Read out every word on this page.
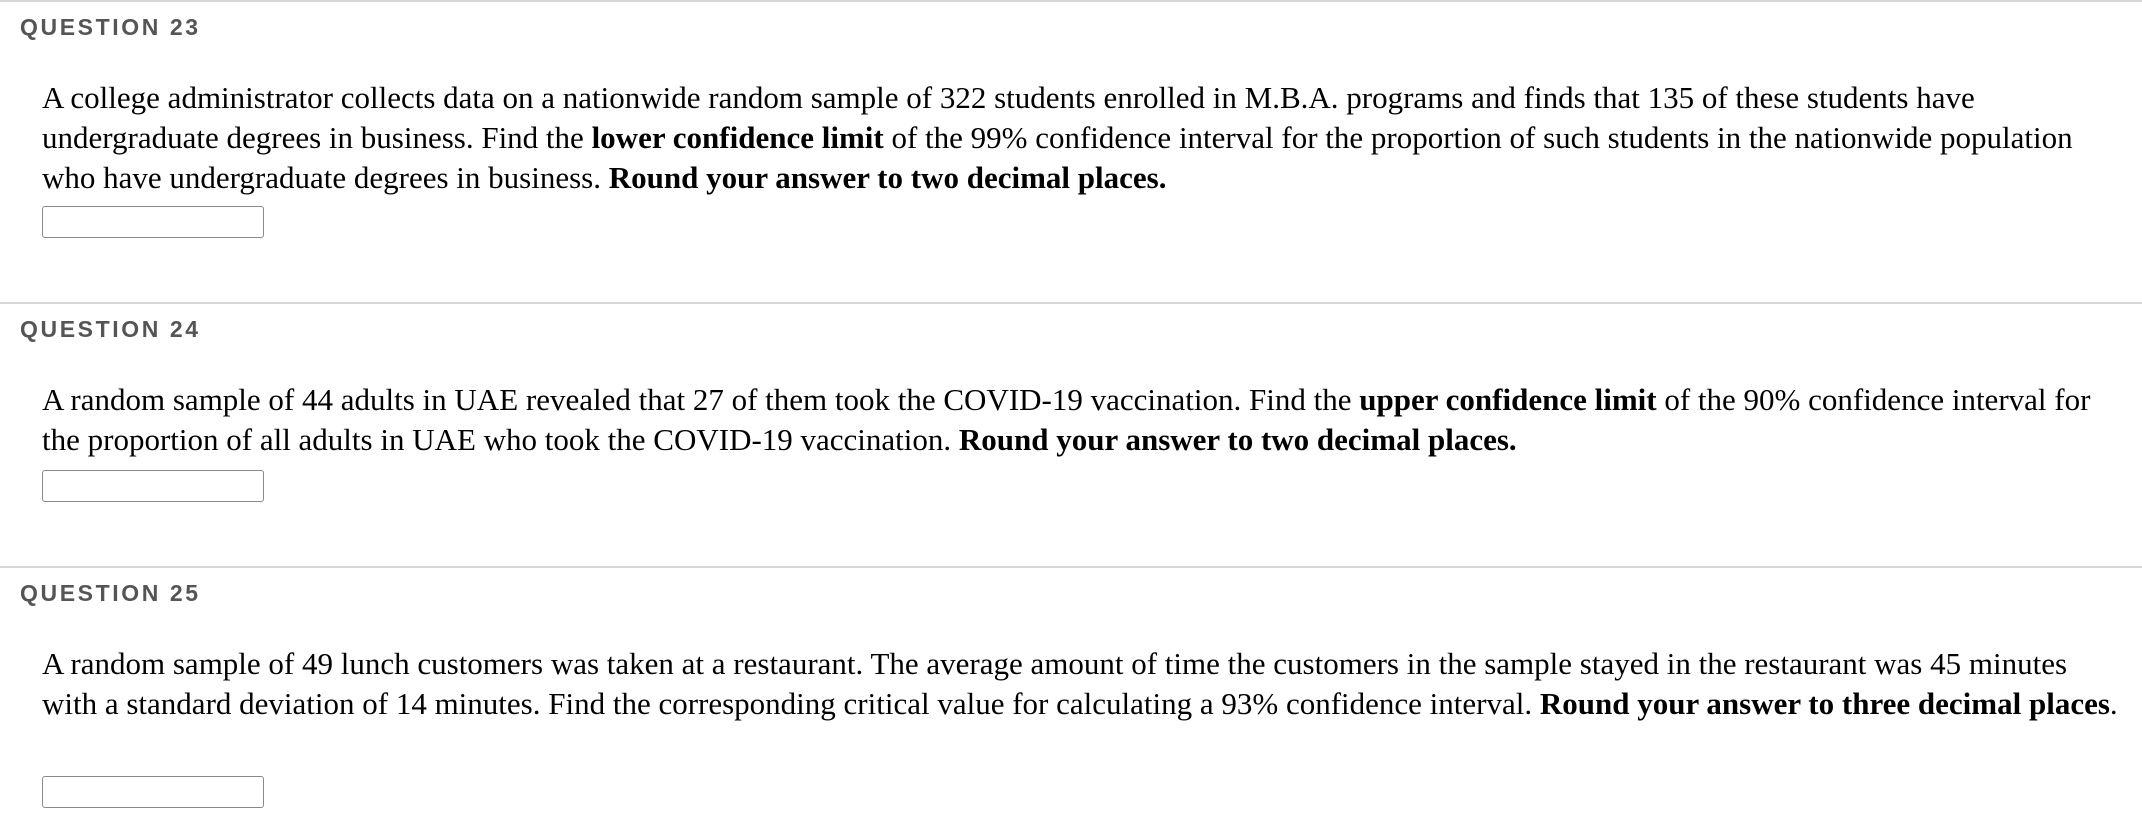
QUESTION 23
A college administrator collects data on a nationwide random sample of 322 students enrolled in M.B.A. programs and finds that 135 of these students have undergraduate degrees in business. Find the lower confidence limit of the 99% confidence interval for the proportion of such students in the nationwide population who have undergraduate degrees in business. Round your answer to two decimal places.
QUESTION 24
A random sample of 44 adults in UAE revealed that 27 of them took the COVID-19 vaccination. Find the upper confidence limit of the 90% confidence interval for the proportion of all adults in UAE who took the COVID-19 vaccination. Round your answer to two decimal places.
QUESTION 25
A random sample of 49 lunch customers was taken at a restaurant. The average amount of time the customers in the sample stayed in the restaurant was 45 minutes with a standard deviation of 14 minutes. Find the corresponding critical value for calculating a 93% confidence interval. Round your answer to three decimal places.
